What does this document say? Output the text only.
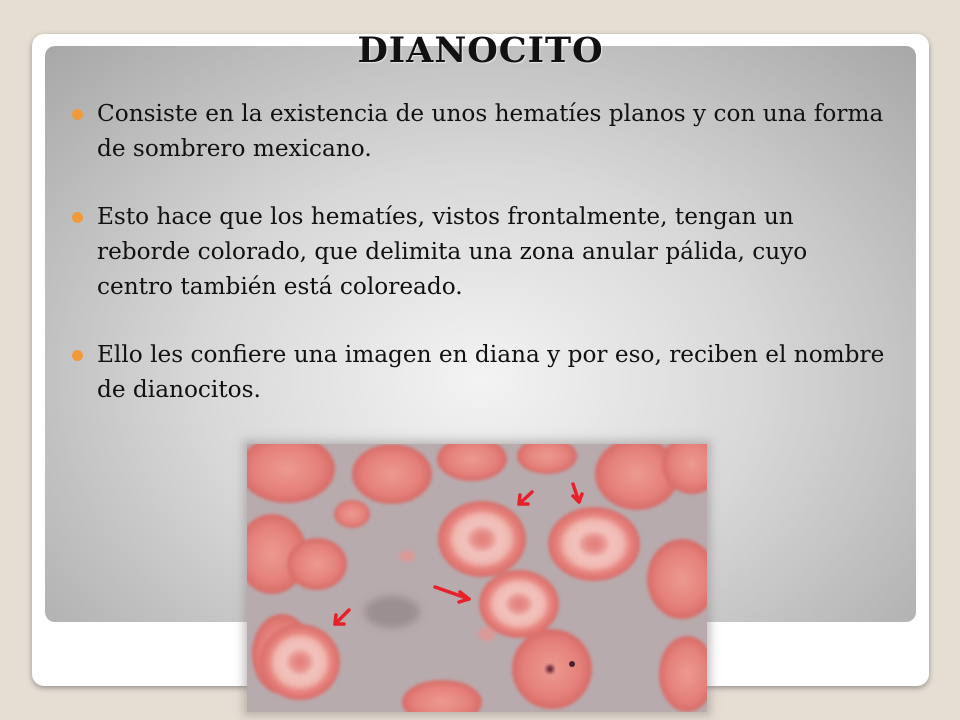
DIANOCITO
Consiste en la existencia de unos hematíes planos y con una forma de sombrero mexicano.
Esto hace que los hematíes, vistos frontalmente, tengan un reborde colorado, que delimita una zona anular pálida, cuyo centro también está coloreado.
Ello les confiere una imagen en diana y por eso, reciben el nombre de dianocitos.
